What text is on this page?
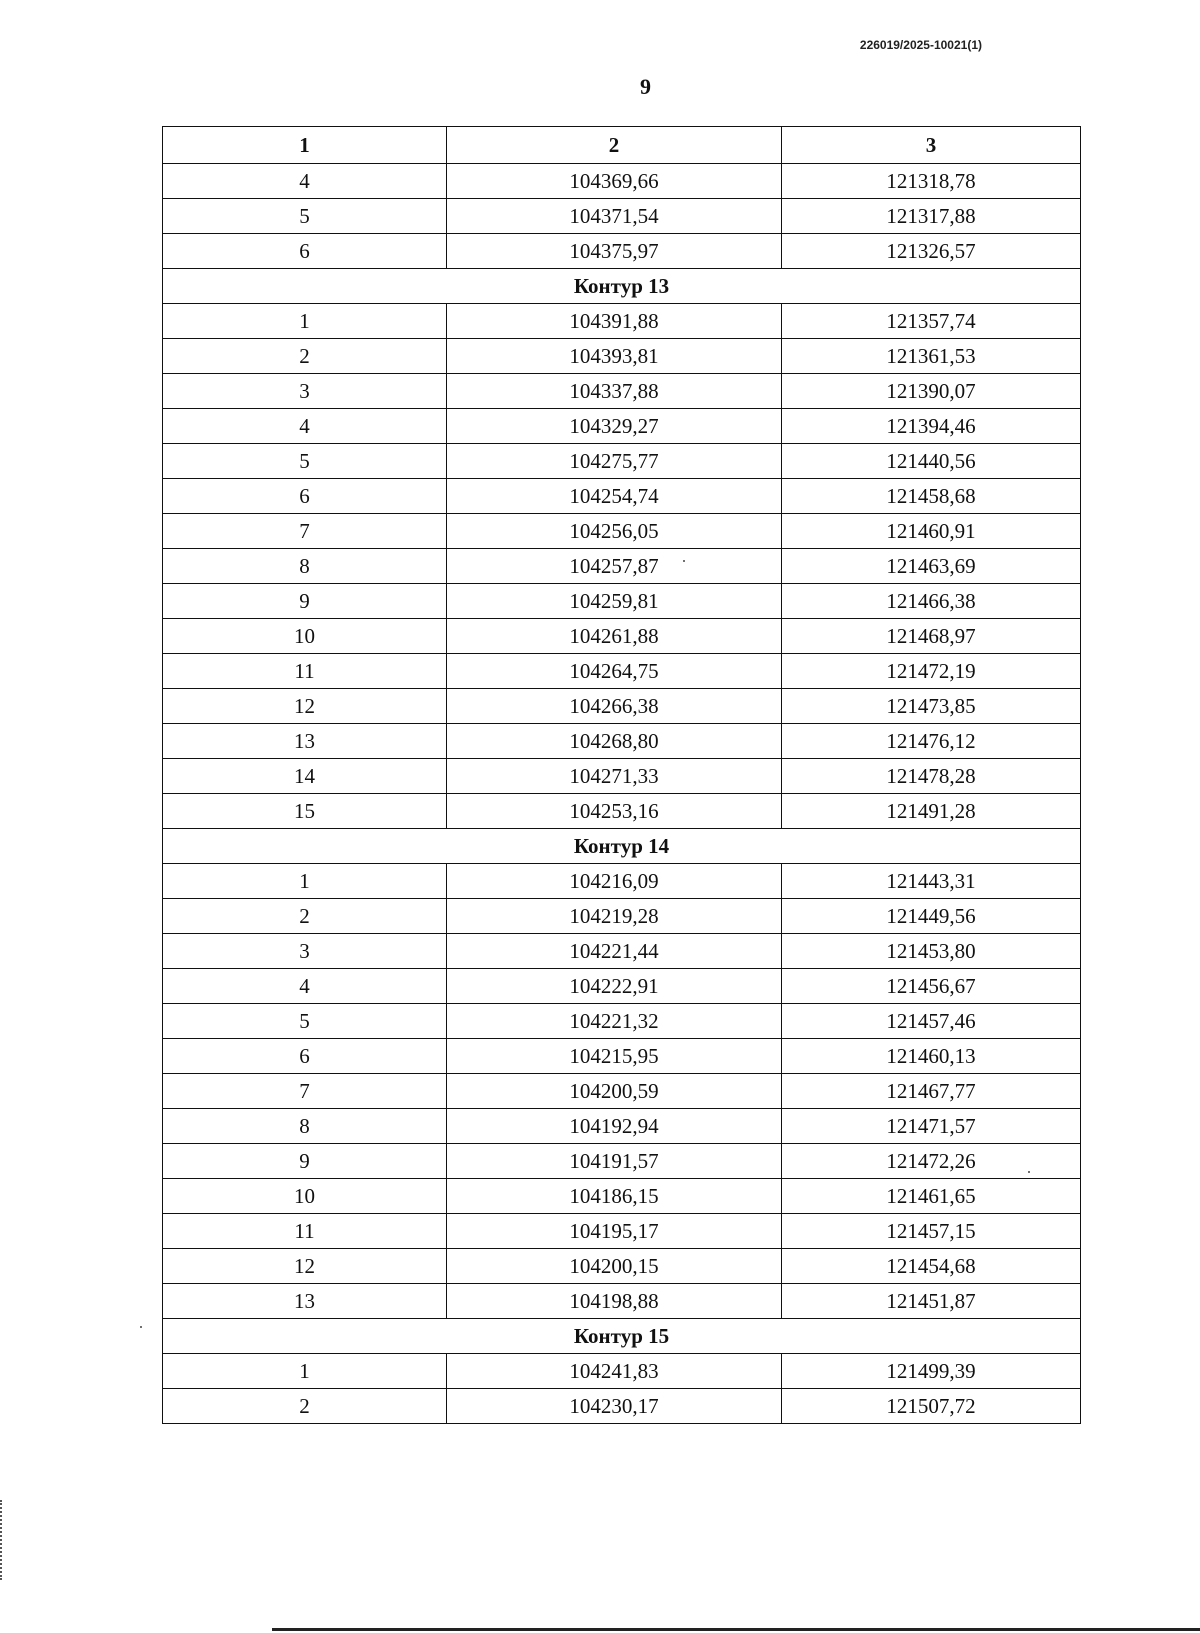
226019/2025-10021(1)
9
1	2	3
4	104369,66	121318,78
5	104371,54	121317,88
6	104375,97	121326,57
Контур 13		
1	104391,88	121357,74
2	104393,81	121361,53
3	104337,88	121390,07
4	104329,27	121394,46
5	104275,77	121440,56
6	104254,74	121458,68
7	104256,05	121460,91
8	104257,87	121463,69
9	104259,81	121466,38
10	104261,88	121468,97
11	104264,75	121472,19
12	104266,38	121473,85
13	104268,80	121476,12
14	104271,33	121478,28
15	104253,16	121491,28
Контур 14		
1	104216,09	121443,31
2	104219,28	121449,56
3	104221,44	121453,80
4	104222,91	121456,67
5	104221,32	121457,46
6	104215,95	121460,13
7	104200,59	121467,77
8	104192,94	121471,57
9	104191,57	121472,26
10	104186,15	121461,65
11	104195,17	121457,15
12	104200,15	121454,68
13	104198,88	121451,87
Контур 15		
1	104241,83	121499,39
2	104230,17	121507,72
